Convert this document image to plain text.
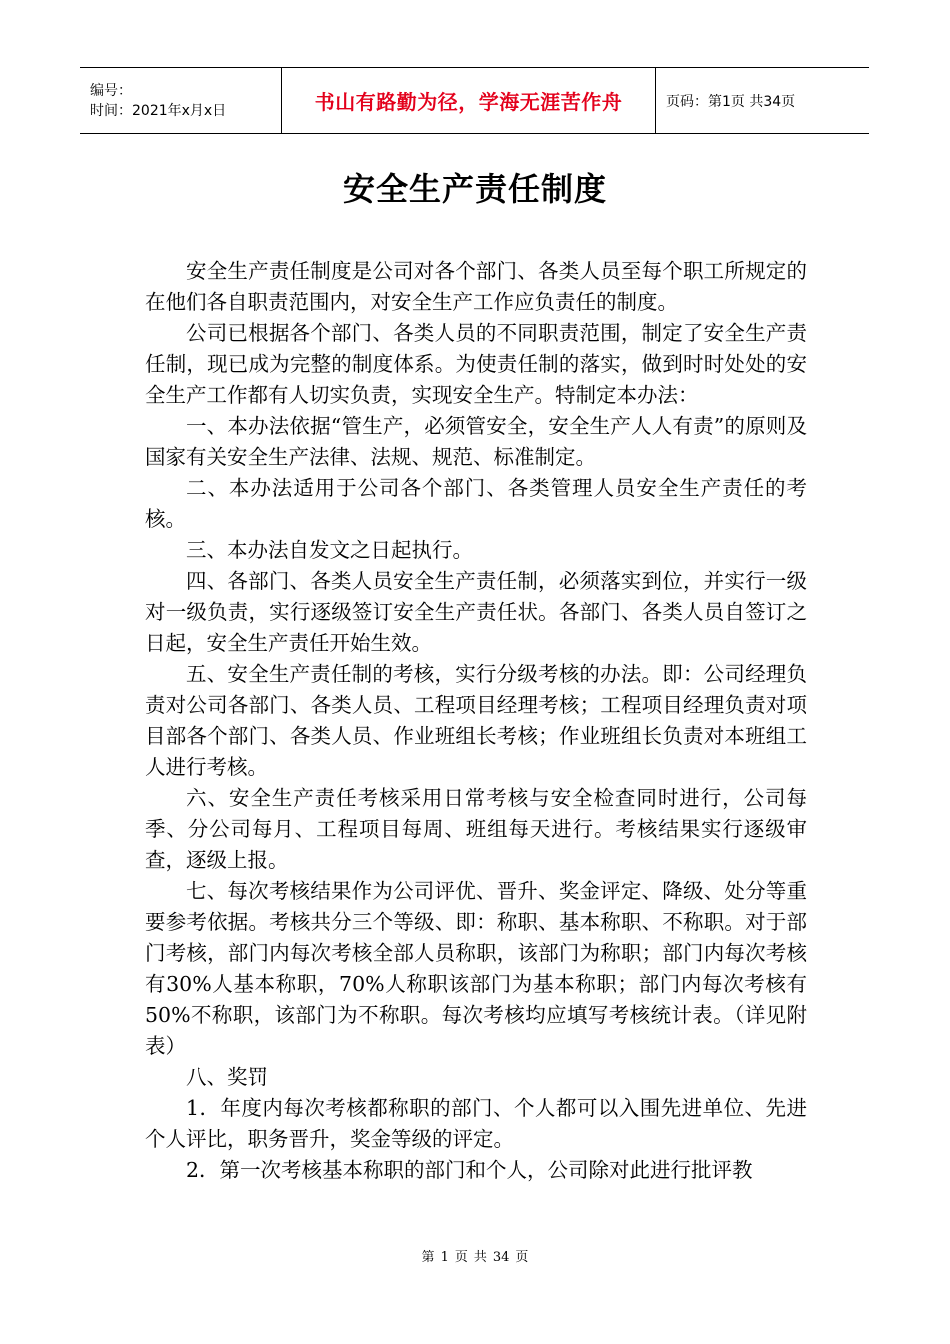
编号：
时间：2021年x月x日	书山有路勤为径，学海无涯苦作舟	页码：第1页 共34页
安全生产责任制度

安全生产责任制度是公司对各个部门、各类人员至每个职工所规定的在他们各自职责范围内，对安全生产工作应负责任的制度。

公司已根据各个部门、各类人员的不同职责范围，制定了安全生产责任制，现已成为完整的制度体系。为使责任制的落实，做到时时处处的安全生产工作都有人切实负责，实现安全生产。特制定本办法：

一、本办法依据“管生产，必须管安全，安全生产人人有责”的原则及国家有关安全生产法律、法规、规范、标准制定。

二、本办法适用于公司各个部门、各类管理人员安全生产责任的考核。

三、本办法自发文之日起执行。

四、各部门、各类人员安全生产责任制，必须落实到位，并实行一级对一级负责，实行逐级签订安全生产责任状。各部门、各类人员自签订之日起，安全生产责任开始生效。

五、安全生产责任制的考核，实行分级考核的办法。即：公司经理负责对公司各部门、各类人员、工程项目经理考核；工程项目经理负责对项目部各个部门、各类人员、作业班组长考核；作业班组长负责对本班组工人进行考核。

六、安全生产责任考核采用日常考核与安全检查同时进行，公司每季、分公司每月、工程项目每周、班组每天进行。考核结果实行逐级审查，逐级上报。

七、每次考核结果作为公司评优、晋升、奖金评定、降级、处分等重要参考依据。考核共分三个等级、即：称职、基本称职、不称职。对于部门考核，部门内每次考核全部人员称职，该部门为称职；部门内每次考核有30%人基本称职，70%人称职该部门为基本称职；部门内每次考核有50%不称职，该部门为不称职。每次考核均应填写考核统计表。（详见附表）

八、奖罚

1．年度内每次考核都称职的部门、个人都可以入围先进单位、先进个人评比，职务晋升，奖金等级的评定。

2．第一次考核基本称职的部门和个人，公司除对此进行批评教

第 1 页 共 34 页
